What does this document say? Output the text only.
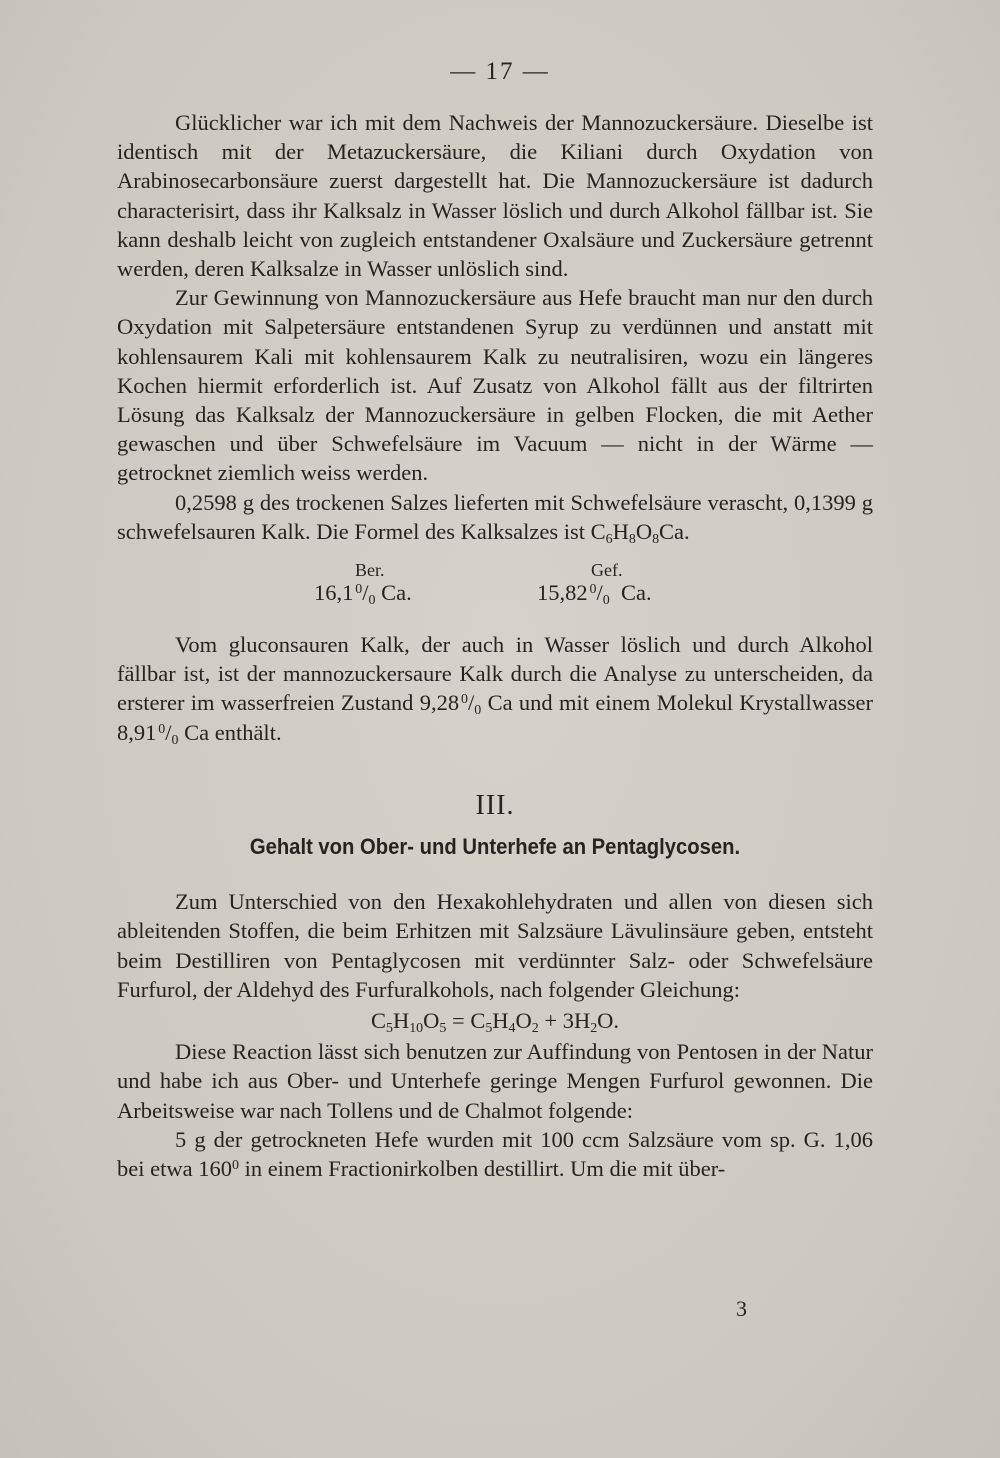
— 17 —

Glücklicher war ich mit dem Nachweis der Mannozuckersäure. Dieselbe ist identisch mit der Metazuckersäure, die Kiliani durch Oxydation von Arabinosecarbonsäure zuerst dargestellt hat. Die Mannozuckersäure ist dadurch characterisirt, dass ihr Kalksalz in Wasser löslich und durch Alkohol fällbar ist. Sie kann deshalb leicht von zugleich entstandener Oxalsäure und Zuckersäure getrennt werden, deren Kalksalze in Wasser unlöslich sind.

Zur Gewinnung von Mannozuckersäure aus Hefe braucht man nur den durch Oxydation mit Salpetersäure entstandenen Syrup zu verdünnen und anstatt mit kohlensaurem Kali mit kohlensaurem Kalk zu neutralisiren, wozu ein längeres Kochen hiermit erforderlich ist. Auf Zusatz von Alkohol fällt aus der filtrirten Lösung das Kalksalz der Mannozuckersäure in gelben Flocken, die mit Aether gewaschen und über Schwefelsäure im Vacuum — nicht in der Wärme — getrocknet ziemlich weiss werden.

0,2598 g des trockenen Salzes lieferten mit Schwefelsäure verascht, 0,1399 g schwefelsauren Kalk. Die Formel des Kalksalzes ist $C_6H_8O_8Ca$.

Ber.	Gef.
16,1  $^0/_0$ Ca.	15,82  $^0/_0$ Ca.

Vom gluconsauren Kalk, der auch in Wasser löslich und durch Alkohol fällbar ist, ist der mannozuckersaure Kalk durch die Analyse zu unterscheiden, da ersterer im wasserfreien Zustand 9,28  $^0/_0$ Ca und mit einem Molekul Krystallwasser 8,91  $^0/_0$ Ca enthält.

III.
Gehalt von Ober- und Unterhefe an Pentaglycosen.

Zum Unterschied von den Hexakohlehydraten und allen von diesen sich ableitenden Stoffen, die beim Erhitzen mit Salzsäure Lävulinsäure geben, entsteht beim Destilliren von Pentaglycosen mit verdünnter Salz- oder Schwefelsäure Furfurol, der Aldehyd des Furfuralkohols, nach folgender Gleichung:

$C_5H_{10}O_5 = C_5H_4O_2 + 3H_2O$.

Diese Reaction lässt sich benutzen zur Auffindung von Pentosen in der Natur und habe ich aus Ober- und Unterhefe geringe Mengen Furfurol gewonnen. Die Arbeitsweise war nach Tollens und de Chalmot folgende:

5 g der getrockneten Hefe wurden mit 100 ccm Salzsäure vom sp. G. 1,06 bei etwa $160^0$ in einem Fractionirkolben destillirt. Um die mit über-

3
